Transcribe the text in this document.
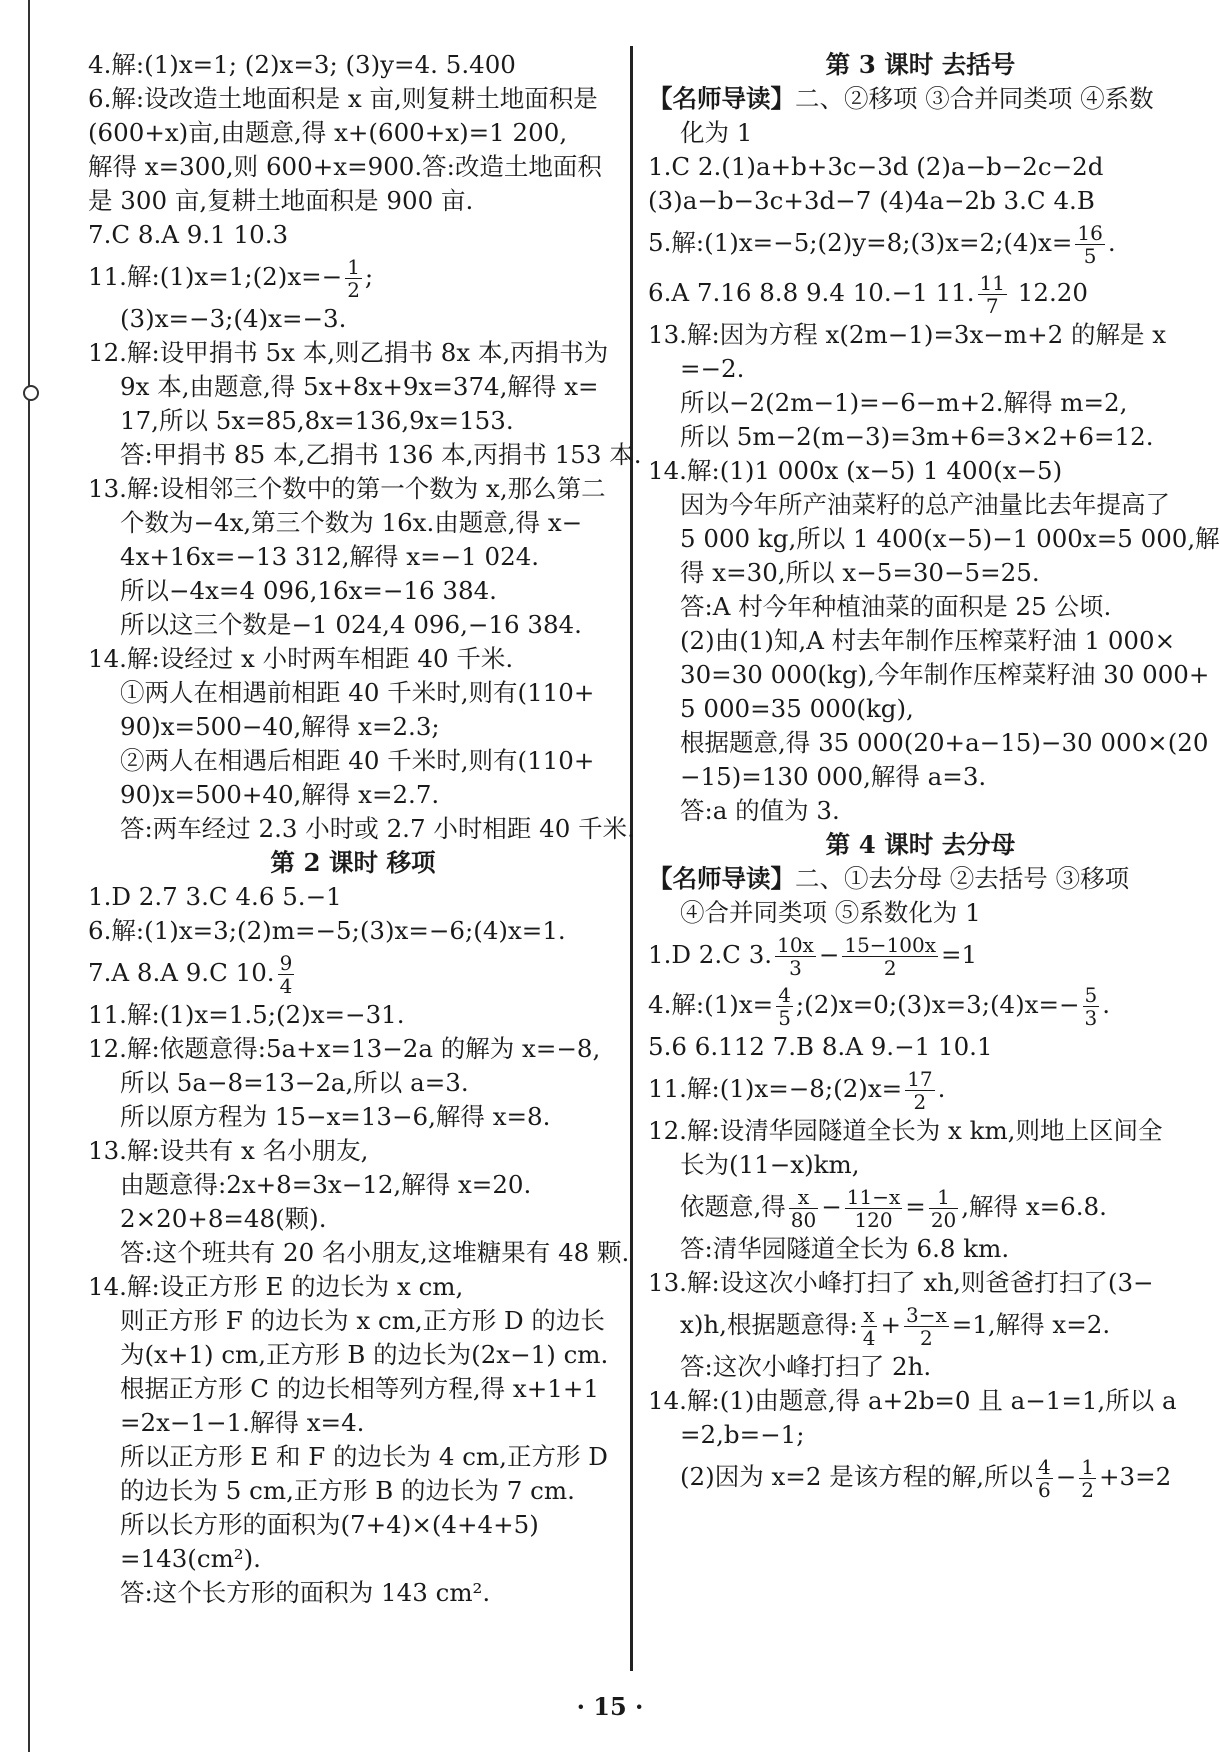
4.解:(1)x=1; (2)x=3; (3)y=4. 5.400
6.解:设改造土地面积是 x 亩,则复耕土地面积是
(600+x)亩,由题意,得 x+(600+x)=1 200,
解得 x=300,则 600+x=900.答:改造土地面积
是 300 亩,复耕土地面积是 900 亩.
7.C 8.A 9.1 10.3
11.解:(1)x=1;(2)x=− $\frac{1}{2}$ ;
(3)x=−3;(4)x=−3.
12.解:设甲捐书 5x 本,则乙捐书 8x 本,丙捐书为
9x 本,由题意,得 5x+8x+9x=374,解得 x=
17,所以 5x=85,8x=136,9x=153.
答:甲捐书 85 本,乙捐书 136 本,丙捐书 153 本.
13.解:设相邻三个数中的第一个数为 x,那么第二
个数为−4x,第三个数为 16x.由题意,得 x−
4x+16x=−13 312,解得 x=−1 024.
所以−4x=4 096,16x=−16 384.
所以这三个数是−1 024,4 096,−16 384.
14.解:设经过 x 小时两车相距 40 千米.
①两人在相遇前相距 40 千米时,则有(110+
90)x=500−40,解得 x=2.3;
②两人在相遇后相距 40 千米时,则有(110+
90)x=500+40,解得 x=2.7.
答:两车经过 2.3 小时或 2.7 小时相距 40 千米.
第 2 课时 移项
1.D 2.7 3.C 4.6 5.−1
6.解:(1)x=3;(2)m=−5;(3)x=−6;(4)x=1.
7.A 8.A 9.C 10. $\frac{9}{4}$
11.解:(1)x=1.5;(2)x=−31.
12.解:依题意得:5a+x=13−2a 的解为 x=−8,
所以 5a−8=13−2a,所以 a=3.
所以原方程为 15−x=13−6,解得 x=8.
13.解:设共有 x 名小朋友,
由题意得:2x+8=3x−12,解得 x=20.
2×20+8=48(颗).
答:这个班共有 20 名小朋友,这堆糖果有 48 颗.
14.解:设正方形 E 的边长为 x cm,
则正方形 F 的边长为 x cm,正方形 D 的边长
为(x+1) cm,正方形 B 的边长为(2x−1) cm.
根据正方形 C 的边长相等列方程,得 x+1+1
=2x−1−1.解得 x=4.
所以正方形 E 和 F 的边长为 4 cm,正方形 D
的边长为 5 cm,正方形 B 的边长为 7 cm.
所以长方形的面积为(7+4)×(4+4+5)
=143(cm²).
答:这个长方形的面积为 143 cm².
第 3 课时 去括号
【名师导读】二、②移项 ③合并同类项 ④系数
化为 1
1.C 2.(1)a+b+3c−3d (2)a−b−2c−2d
(3)a−b−3c+3d−7 (4)4a−2b 3.C 4.B
5.解:(1)x=−5;(2)y=8;(3)x=2;(4)x= $\frac{16}{5}$ .
6.A 7.16 8.8 9.4 10.−1 11. $\frac{11}{7} 12.20$
13.解:因为方程 x(2m−1)=3x−m+2 的解是 x
=−2.
所以−2(2m−1)=−6−m+2.解得 m=2,
所以 5m−2(m−3)=3m+6=3×2+6=12.
14.解:(1)1 000x (x−5) 1 400(x−5)
因为今年所产油菜籽的总产油量比去年提高了
5 000 kg,所以 1 400(x−5)−1 000x=5 000,解
得 x=30,所以 x−5=30−5=25.
答:A 村今年种植油菜的面积是 25 公顷.
(2)由(1)知,A 村去年制作压榨菜籽油 1 000×
30=30 000(kg),今年制作压榨菜籽油 30 000+
5 000=35 000(kg),
根据题意,得 35 000(20+a−15)−30 000×(20
−15)=130 000,解得 a=3.
答:a 的值为 3.
第 4 课时 去分母
【名师导读】二、①去分母 ②去括号 ③移项
④合并同类项 ⑤系数化为 1
1.D 2.C 3. $\frac{10x}{3} - \frac{15-100x}{2} =1$
4.解:(1)x= $\frac{4}{5}$ ;(2)x=0;(3)x=3;(4)x=− $\frac{5}{3}$ .
5.6 6.112 7.B 8.A 9.−1 10.1
11.解:(1)x=−8;(2)x= $\frac{17}{2}$ .
12.解:设清华园隧道全长为 x km,则地上区间全
长为(11−x)km,
依题意,得 $\frac{x}{80} - \frac{11-x}{120} = \frac{1}{20}$ ,解得 x=6.8.
答:清华园隧道全长为 6.8 km.
13.解:设这次小峰打扫了 xh,则爸爸打扫了(3−
x)h,根据题意得: $\frac{x}{4} + \frac{3-x}{2} =1$,解得 x=2.
答:这次小峰打扫了 2h.
14.解:(1)由题意,得 a+2b=0 且 a−1=1,所以 a
=2,b=−1;
(2)因为 x=2 是该方程的解,所以 $\frac{4}{6} - \frac{1}{2} +3=2$
· 15 ·
